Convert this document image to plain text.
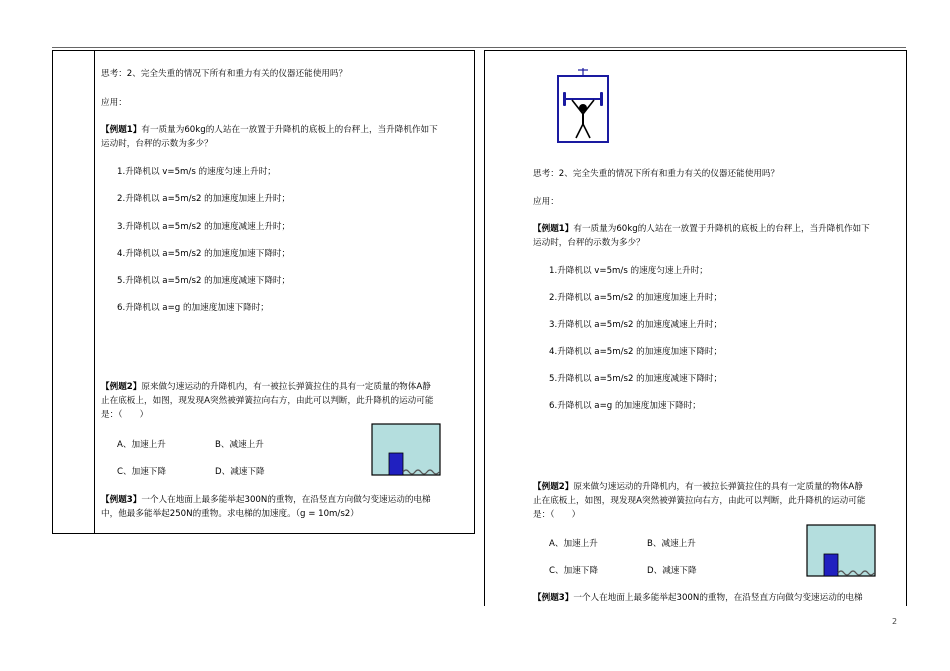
思考：2、完全失重的情况下所有和重力有关的仪器还能使用吗？
应用：
【例题1】有一质量为60kg的人站在一放置于升降机的底板上的台秤上，当升降机作如下
运动时，台秤的示数为多少？
1.升降机以 v=5m/s 的速度匀速上升时；
2.升降机以 a=5m/s2 的加速度加速上升时；
3.升降机以 a=5m/s2 的加速度减速上升时；
4.升降机以 a=5m/s2 的加速度加速下降时；
5.升降机以 a=5m/s2 的加速度减速下降时；
6.升降机以 a=g 的加速度加速下降时；
【例题2】原来做匀速运动的升降机内，有一被拉长弹簧拉住的具有一定质量的物体A静
止在底板上，如图，现发现A突然被弹簧拉向右方，由此可以判断，此升降机的运动可能
是：（　　）
A、加速上升	B、减速上升
C、加速下降	D、减速下降
【例题3】一个人在地面上最多能举起300N的重物，在沿竖直方向做匀变速运动的电梯
中，他最多能举起250N的重物。求电梯的加速度。（g = 10m/s2）
思考：2、完全失重的情况下所有和重力有关的仪器还能使用吗？
应用：
【例题1】有一质量为60kg的人站在一放置于升降机的底板上的台秤上，当升降机作如下
运动时，台秤的示数为多少？
1.升降机以 v=5m/s 的速度匀速上升时；
2.升降机以 a=5m/s2 的加速度加速上升时；
3.升降机以 a=5m/s2 的加速度减速上升时；
4.升降机以 a=5m/s2 的加速度加速下降时；
5.升降机以 a=5m/s2 的加速度减速下降时；
6.升降机以 a=g 的加速度加速下降时；
【例题2】原来做匀速运动的升降机内，有一被拉长弹簧拉住的具有一定质量的物体A静
止在底板上，如图，现发现A突然被弹簧拉向右方，由此可以判断，此升降机的运动可能
是：（　　）
A、加速上升	B、减速上升
C、加速下降	D、减速下降
【例题3】一个人在地面上最多能举起300N的重物，在沿竖直方向做匀变速运动的电梯
2
